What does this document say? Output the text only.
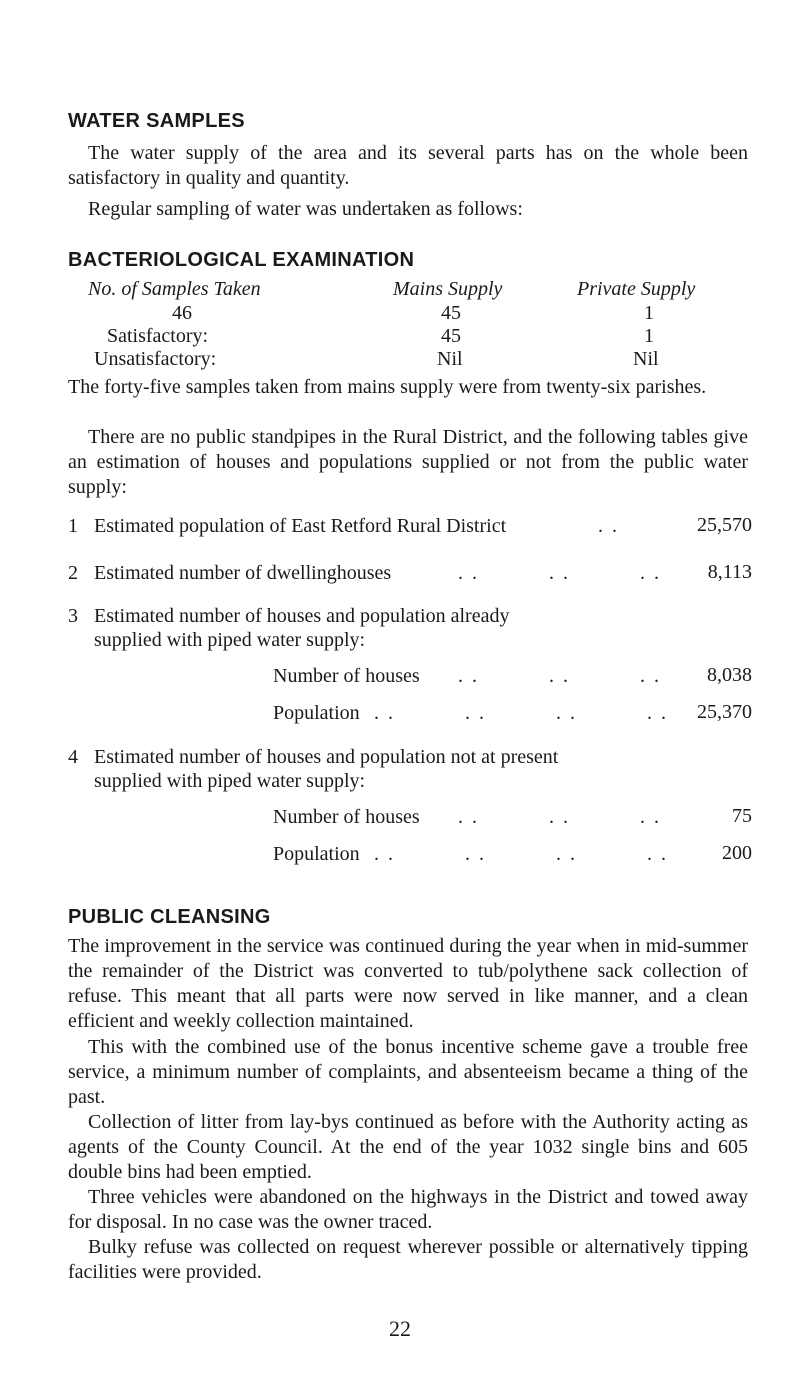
WATER SAMPLES
The water supply of the area and its several parts has on the whole been satisfactory in quality and quantity.
Regular sampling of water was undertaken as follows:
BACTERIOLOGICAL EXAMINATION
No. of Samples Taken	Mains Supply	Private Supply
46	45	1
Satisfactory:	45	1
Unsatisfactory:	Nil	Nil
The forty-five samples taken from mains supply were from twenty-six parishes.
There are no public standpipes in the Rural District, and the following tables give an estimation of houses and populations supplied or not from the public water supply:
1 Estimated population of East Retford Rural District	. .	25,570
2 Estimated number of dwellinghouses	. .          . .          . . 8,113
3 Estimated number of houses and population already
supplied with piped water supply:
Number of houses . .          . .          . . 8,038
Population . .          . .          . .          . . 25,370
4 Estimated number of houses and population not at present
supplied with piped water supply:
Number of houses . .          . .          . .	75
Population . .          . .          . .          . .	200
PUBLIC CLEANSING
The improvement in the service was continued during the year when in mid-summer the remainder of the District was converted to tub/polythene sack collection of refuse. This meant that all parts were now served in like manner, and a clean efficient and weekly collection maintained.
This with the combined use of the bonus incentive scheme gave a trouble free service, a minimum number of complaints, and absenteeism became a thing of the past.
Collection of litter from lay-bys continued as before with the Authority acting as agents of the County Council. At the end of the year 1032 single bins and 605 double bins had been emptied.
Three vehicles were abandoned on the highways in the District and towed away for disposal. In no case was the owner traced.
Bulky refuse was collected on request wherever possible or alternatively tipping facilities were provided.
22
